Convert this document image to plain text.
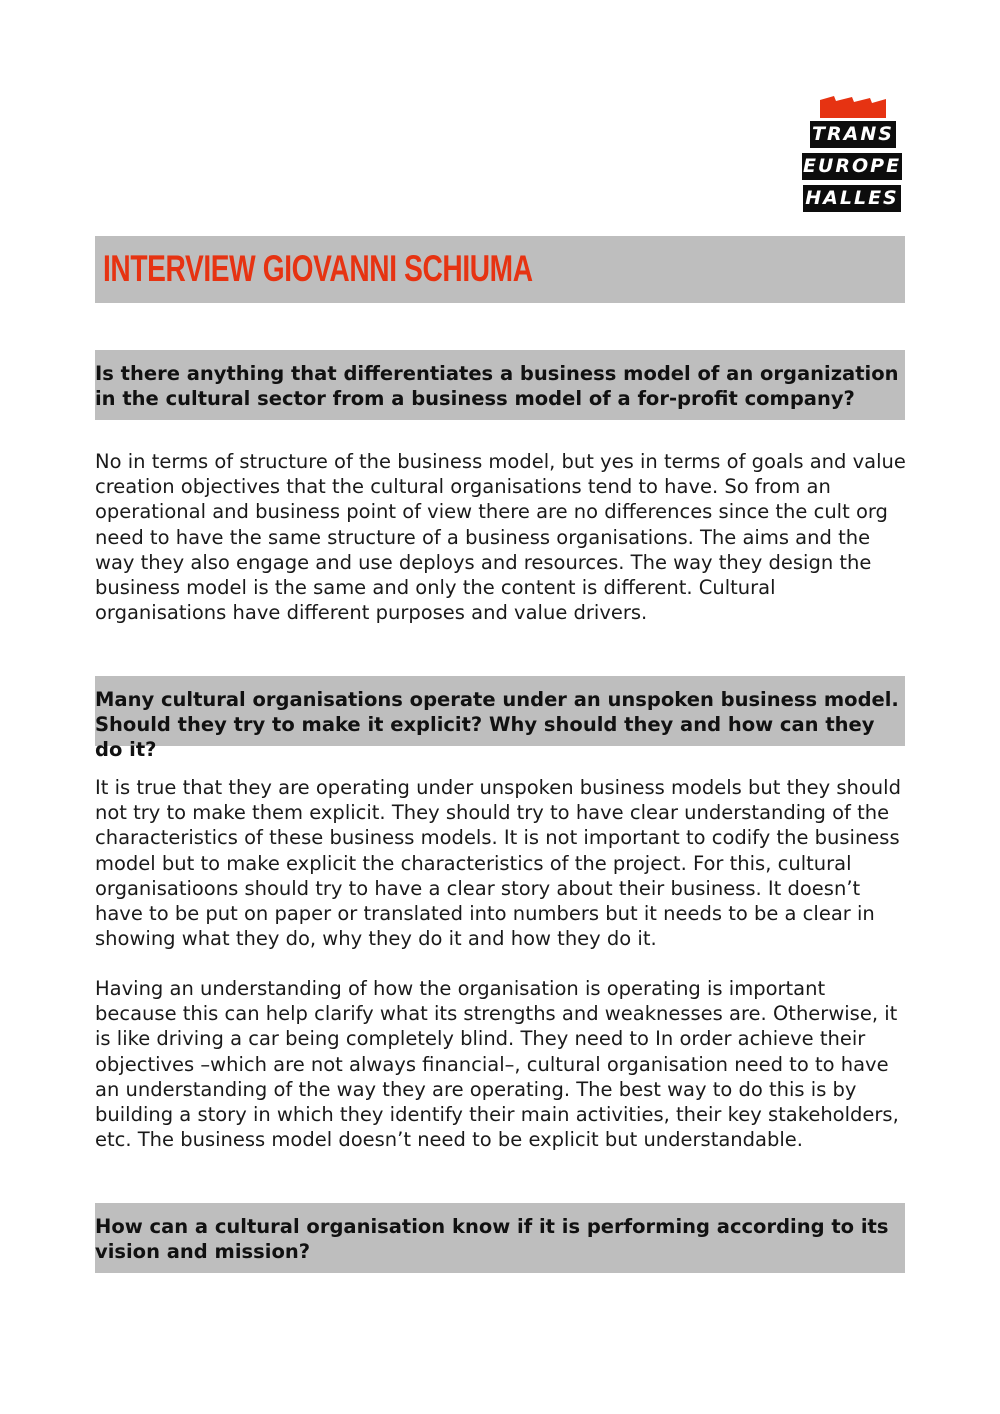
TRANS
EUROPE
HALLES
INTERVIEW GIOVANNI SCHIUMA
Is there anything that differentiates a business model of an organization in the cultural sector from a business model of a for-profit company?

No in terms of structure of the business model, but yes in terms of goals and value creation objectives that the cultural organisations tend to have. So from an operational and business point of view there are no differences since the cult org need to have the same structure of a business organisations. The aims and the way they also engage and use deploys and resources. The way they design the business model is the same and only the content is different. Cultural organisations have different purposes and value drivers.

Many cultural organisations operate under an unspoken business model. Should they try to make it explicit? Why should they and how can they do it?

It is true that they are operating under unspoken business models but they should not try to make them explicit. They should try to have clear understanding of the characteristics of these business models. It is not important to codify the business model but to make explicit the characteristics of the project. For this, cultural organisatioons should try to have a clear story about their business. It doesn’t have to be put on paper or translated into numbers but it needs to be a clear in showing what they do, why they do it and how they do it.

Having an understanding of how the organisation is operating is important because this can help clarify what its strengths and weaknesses are. Otherwise, it is like driving a car being completely blind. They need to In order achieve their objectives –which are not always financial–, cultural organisation need to to have an understanding of the way they are operating. The best way to do this is by building a story in which they identify their main activities, their key stakeholders, etc. The business model doesn’t need to be explicit but understandable.

How can a cultural organisation know if it is performing according to its vision and mission?
